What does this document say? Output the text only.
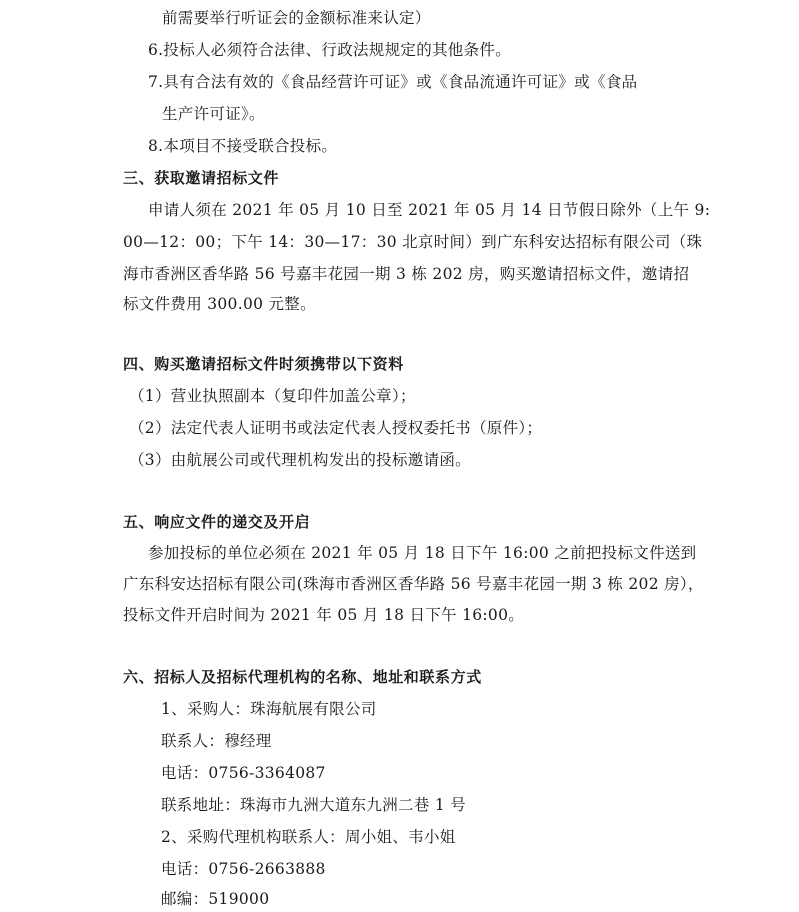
前需要举行听证会的金额标准来认定）
6.投标人必须符合法律、行政法规规定的其他条件。
7.具有合法有效的《食品经营许可证》或《食品流通许可证》或《食品
生产许可证》。
8.本项目不接受联合投标。
三、获取邀请招标文件
申请人须在 2021 年 05 月 10 日至 2021 年 05 月 14 日节假日除外（上午 9:
00—12：00；下午 14：30—17：30 北京时间）到广东科安达招标有限公司（珠
海市香洲区香华路 56 号嘉丰花园一期 3 栋 202 房，购买邀请招标文件，邀请招
标文件费用 300.00 元整。
四、购买邀请招标文件时须携带以下资料
（1）营业执照副本（复印件加盖公章）；
（2）法定代表人证明书或法定代表人授权委托书（原件）；
（3）由航展公司或代理机构发出的投标邀请函。
五、响应文件的递交及开启
参加投标的单位必须在 2021 年 05 月 18 日下午 16:00 之前把投标文件送到
广东科安达招标有限公司(珠海市香洲区香华路 56 号嘉丰花园一期 3 栋 202 房），
投标文件开启时间为 2021 年 05 月 18 日下午 16:00。
六、招标人及招标代理机构的名称、地址和联系方式
1、采购人：珠海航展有限公司
联系人：穆经理
电话：0756-3364087
联系地址：珠海市九洲大道东九洲二巷 1 号
2、采购代理机构联系人：周小姐、韦小姐
电话：0756-2663888
邮编：519000
